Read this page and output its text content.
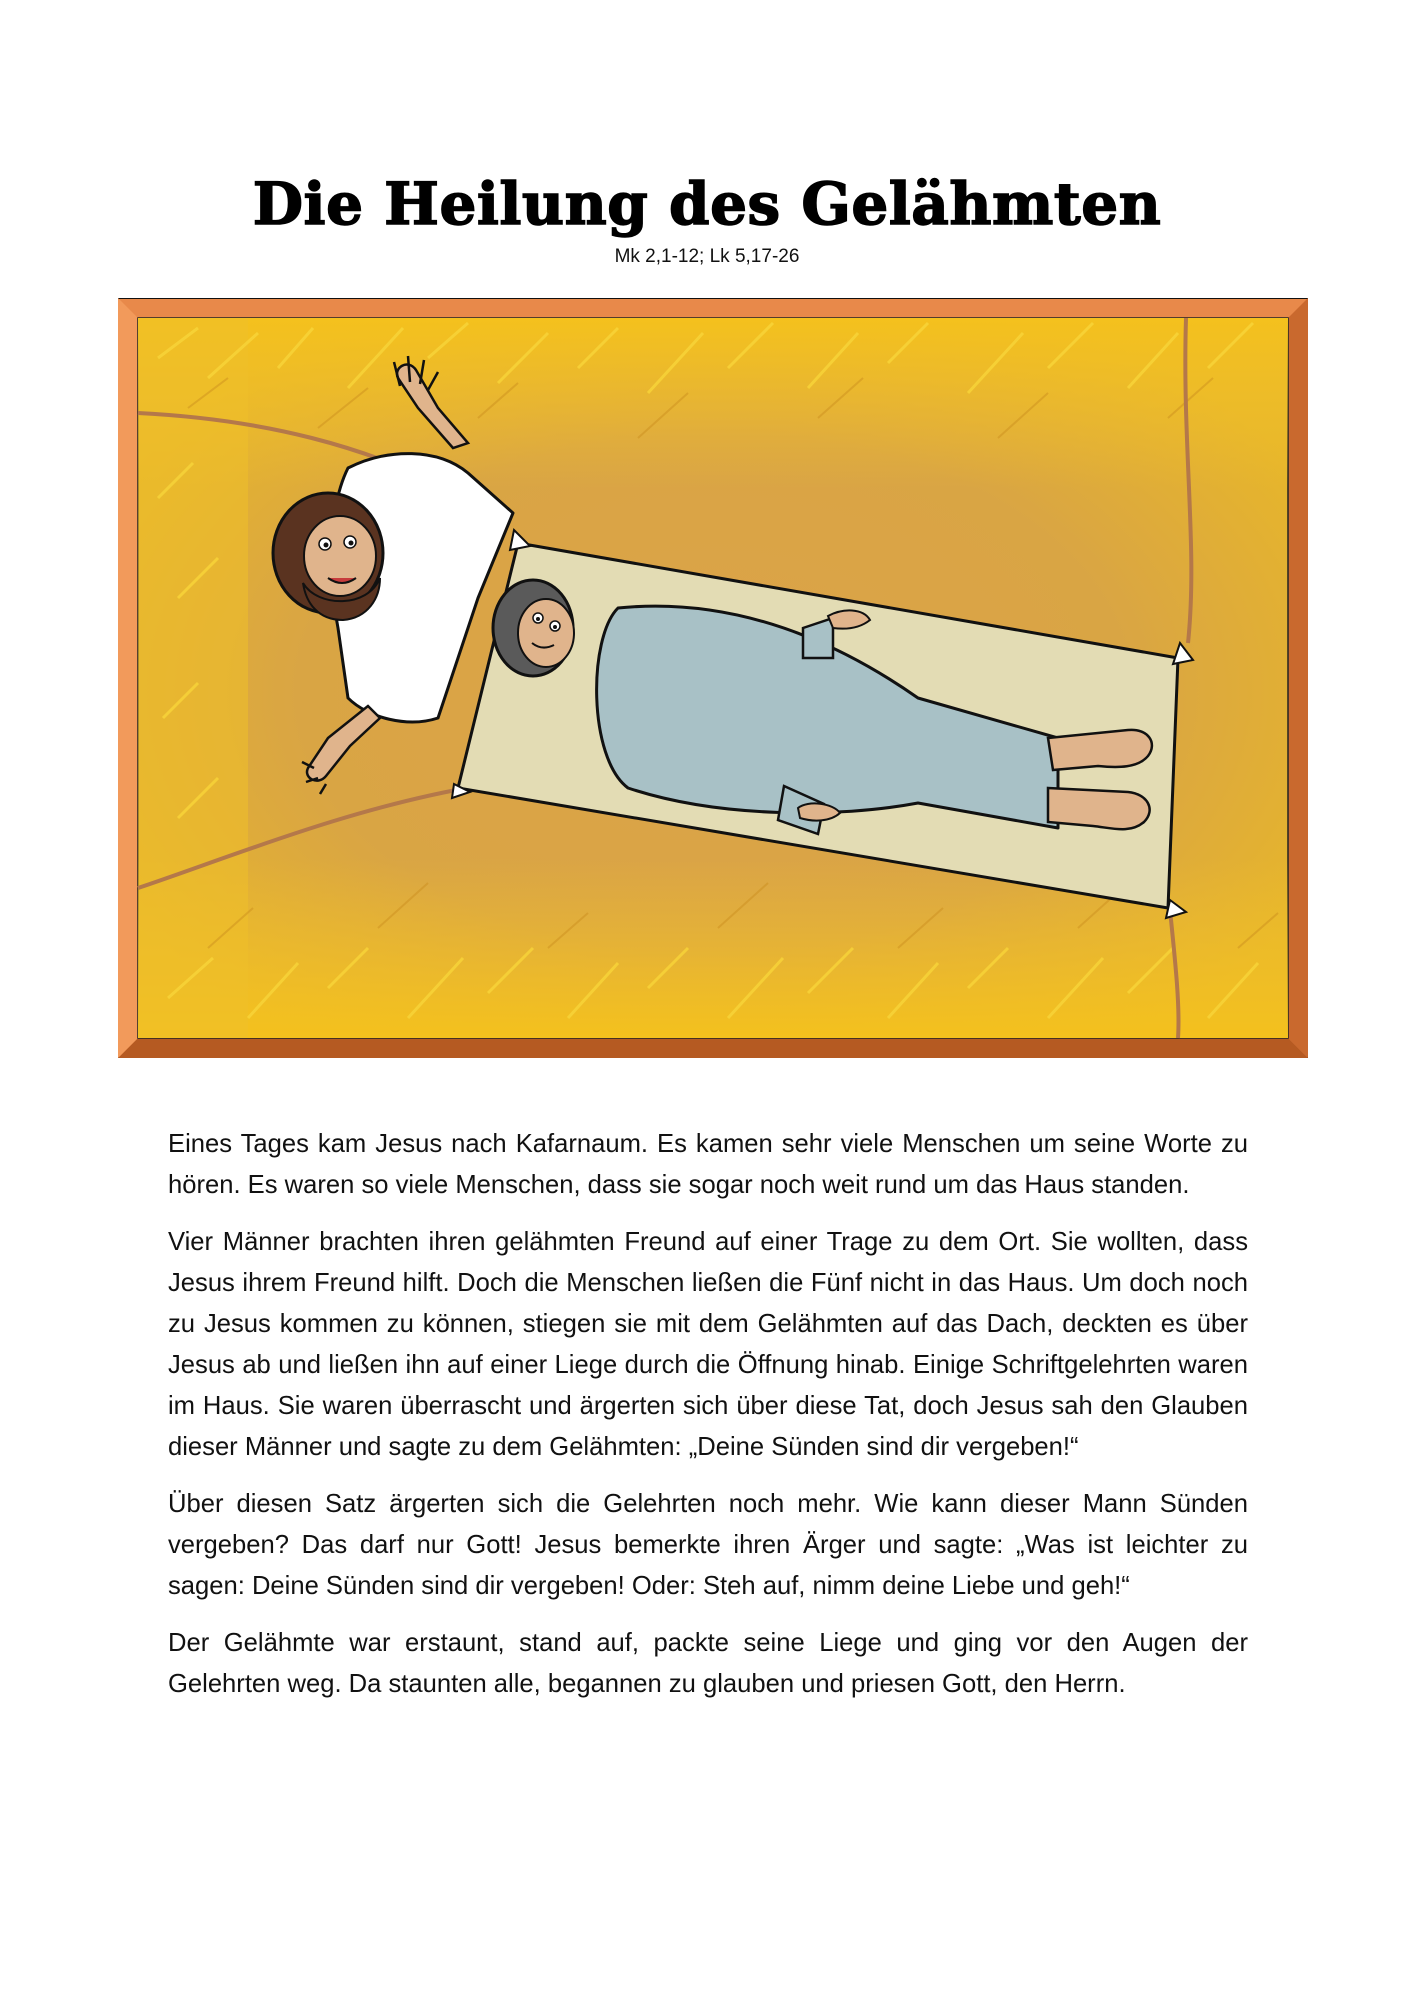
Die Heilung des Gelähmten
Mk 2,1-12; Lk 5,17-26

Eines Tages kam Jesus nach Kafarnaum. Es kamen sehr viele Menschen um seine Worte zu hören. Es waren so viele Menschen, dass sie sogar noch weit rund um das Haus standen.

Vier Männer brachten ihren gelähmten Freund auf einer Trage zu dem Ort. Sie wollten, dass Jesus ihrem Freund hilft. Doch die Menschen ließen die Fünf nicht in das Haus. Um doch noch zu Jesus kommen zu können, stiegen sie mit dem Gelähmten auf das Dach, deckten es über Jesus ab und ließen ihn auf einer Liege durch die Öffnung hinab. Einige Schriftgelehrten waren im Haus. Sie waren überrascht und ärgerten sich über diese Tat, doch Jesus sah den Glauben dieser Männer und sagte zu dem Gelähmten: „Deine Sünden sind dir vergeben!“

Über diesen Satz ärgerten sich die Gelehrten noch mehr. Wie kann dieser Mann Sünden vergeben? Das darf nur Gott! Jesus bemerkte ihren Ärger und sagte: „Was ist leichter zu sagen: Deine Sünden sind dir vergeben! Oder: Steh auf, nimm deine Liebe und geh!“

Der Gelähmte war erstaunt, stand auf, packte seine Liege und ging vor den Augen der Gelehrten weg. Da staunten alle, begannen zu glauben und priesen Gott, den Herrn.
